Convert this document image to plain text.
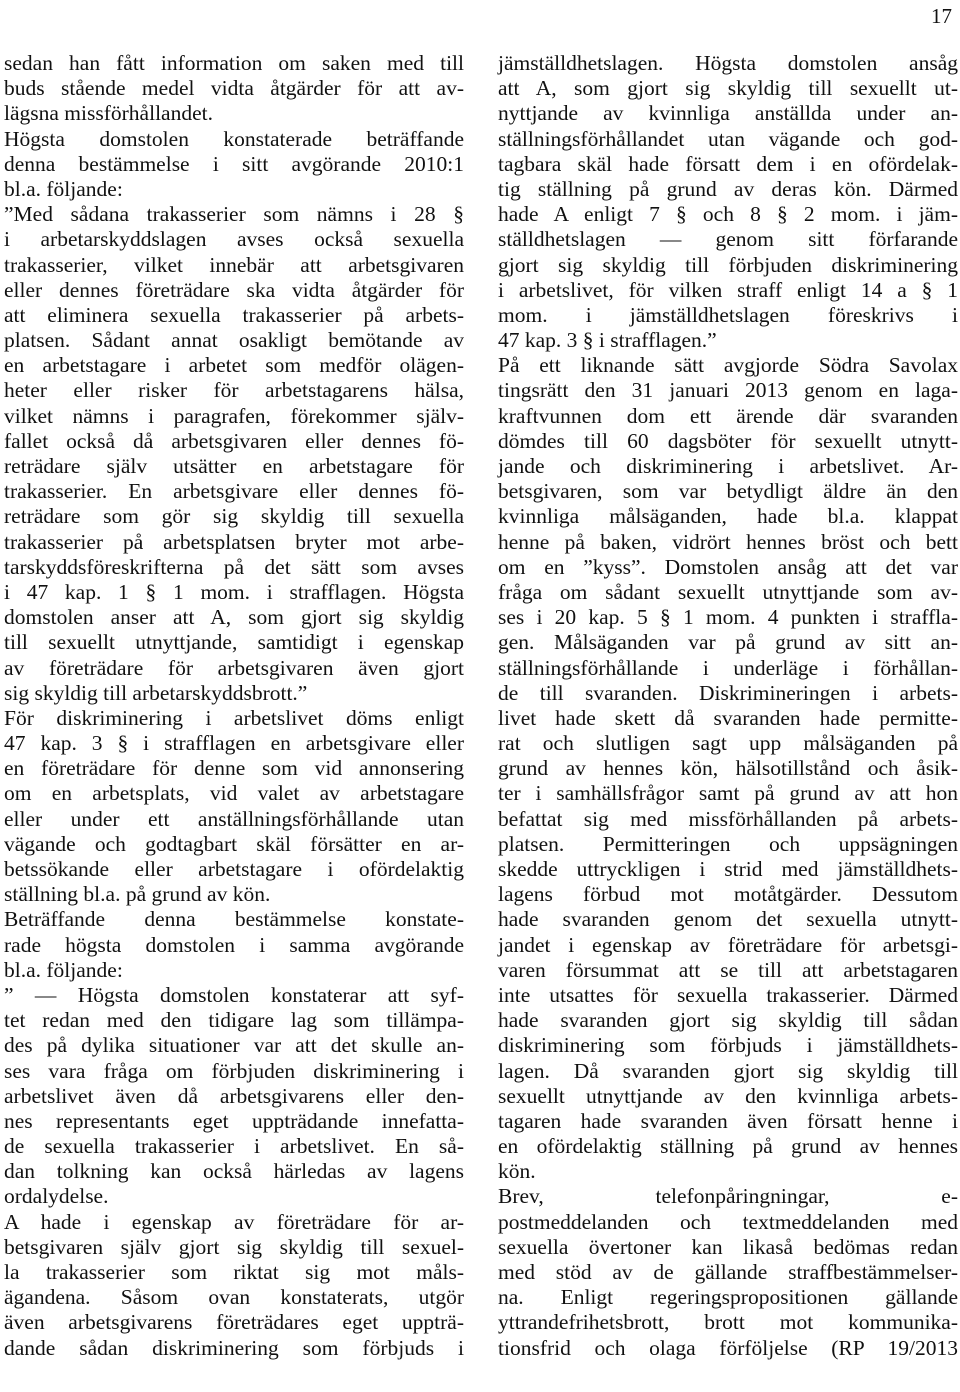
17
sedan han fått information om saken med till
buds stående medel vidta åtgärder för att av-
lägsna missförhållandet.
Högsta domstolen konstaterade beträffande
denna bestämmelse i sitt avgörande 2010:1
bl.a. följande:
”Med sådana trakasserier som nämns i 28 §
i arbetarskyddslagen avses också sexuella
trakasserier, vilket innebär att arbetsgivaren
eller dennes företrädare ska vidta åtgärder för
att eliminera sexuella trakasserier på arbets-
platsen. Sådant annat osakligt bemötande av
en arbetstagare i arbetet som medför olägen-
heter eller risker för arbetstagarens hälsa,
vilket nämns i paragrafen, förekommer själv-
fallet också då arbetsgivaren eller dennes fö-
reträdare själv utsätter en arbetstagare för
trakasserier. En arbetsgivare eller dennes fö-
reträdare som gör sig skyldig till sexuella
trakasserier på arbetsplatsen bryter mot arbe-
tarskyddsföreskrifterna på det sätt som avses
i 47 kap. 1 § 1 mom. i strafflagen. Högsta
domstolen anser att A, som gjort sig skyldig
till sexuellt utnyttjande, samtidigt i egenskap
av företrädare för arbetsgivaren även gjort
sig skyldig till arbetarskyddsbrott.”
För diskriminering i arbetslivet döms enligt
47 kap. 3 § i strafflagen en arbetsgivare eller
en företrädare för denne som vid annonsering
om en arbetsplats, vid valet av arbetstagare
eller under ett anställningsförhållande utan
vägande och godtagbart skäl försätter en ar-
betssökande eller arbetstagare i ofördelaktig
ställning bl.a. på grund av kön.
Beträffande denna bestämmelse konstate-
rade högsta domstolen i samma avgörande
bl.a. följande:
” — Högsta domstolen konstaterar att syf-
tet redan med den tidigare lag som tillämpa-
des på dylika situationer var att det skulle an-
ses vara fråga om förbjuden diskriminering i
arbetslivet även då arbetsgivarens eller den-
nes representants eget uppträdande innefatta-
de sexuella trakasserier i arbetslivet. En så-
dan tolkning kan också härledas av lagens
ordalydelse.
A hade i egenskap av företrädare för ar-
betsgivaren själv gjort sig skyldig till sexuel-
la trakasserier som riktat sig mot måls-
ägandena. Såsom ovan konstaterats, utgör
även arbetsgivarens företrädares eget uppträ-
dande sådan diskriminering som förbjuds i
jämställdhetslagen. Högsta domstolen ansåg
att A, som gjort sig skyldig till sexuellt ut-
nyttjande av kvinnliga anställda under an-
ställningsförhållandet utan vägande och god-
tagbara skäl hade försatt dem i en ofördelak-
tig ställning på grund av deras kön. Därmed
hade A enligt 7 § och 8 § 2 mom. i jäm-
ställdhetslagen — genom sitt förfarande
gjort sig skyldig till förbjuden diskriminering
i arbetslivet, för vilken straff enligt 14 a § 1
mom. i jämställdhetslagen föreskrivs i
47 kap. 3 § i strafflagen.”
På ett liknande sätt avgjorde Södra Savolax
tingsrätt den 31 januari 2013 genom en laga-
kraftvunnen dom ett ärende där svaranden
dömdes till 60 dagsböter för sexuellt utnytt-
jande och diskriminering i arbetslivet. Ar-
betsgivaren, som var betydligt äldre än den
kvinnliga målsäganden, hade bl.a. klappat
henne på baken, vidrört hennes bröst och bett
om en ”kyss”. Domstolen ansåg att det var
fråga om sådant sexuellt utnyttjande som av-
ses i 20 kap. 5 § 1 mom. 4 punkten i straffla-
gen. Målsäganden var på grund av sitt an-
ställningsförhållande i underläge i förhållan-
de till svaranden. Diskrimineringen i arbets-
livet hade skett då svaranden hade permitte-
rat och slutligen sagt upp målsäganden på
grund av hennes kön, hälsotillstånd och åsik-
ter i samhällsfrågor samt på grund av att hon
befattat sig med missförhållanden på arbets-
platsen. Permitteringen och uppsägningen
skedde uttryckligen i strid med jämställdhets-
lagens förbud mot motåtgärder. Dessutom
hade svaranden genom det sexuella utnytt-
jandet i egenskap av företrädare för arbetsgi-
varen försummat att se till att arbetstagaren
inte utsattes för sexuella trakasserier. Därmed
hade svaranden gjort sig skyldig till sådan
diskriminering som förbjuds i jämställdhets-
lagen. Då svaranden gjort sig skyldig till
sexuellt utnyttjande av den kvinnliga arbets-
tagaren hade svaranden även försatt henne i
en ofördelaktig ställning på grund av hennes
kön.
Brev, telefonpåringningar, e-
postmeddelanden och textmeddelanden med
sexuella övertoner kan likaså bedömas redan
med stöd av de gällande straffbestämmelser-
na. Enligt regeringspropositionen gällande
yttrandefrihetsbrott, brott mot kommunika-
tionsfrid och olaga förföljelse (RP 19/2013
